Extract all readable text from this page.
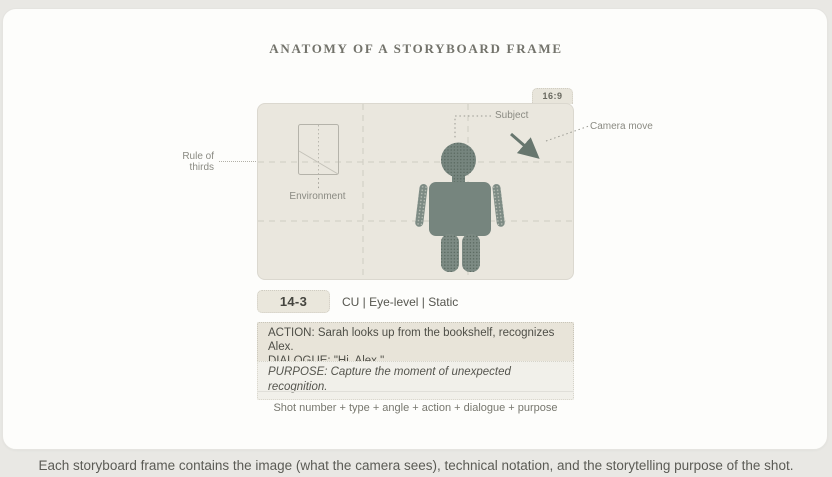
ANATOMY OF A STORYBOARD FRAME
16:9
Rule of thirds
Subject
Environment
Camera move
14-3	CU | Eye-level | Static
ACTION: Sarah looks up from the bookshelf, recognizes Alex.
PURPOSE: Capture the moment of unexpected recognition.
Shot number + type + angle + action + dialogue + purpose
Each storyboard frame contains the image (what the camera sees), technical notation, and the storytelling purpose of the shot.
